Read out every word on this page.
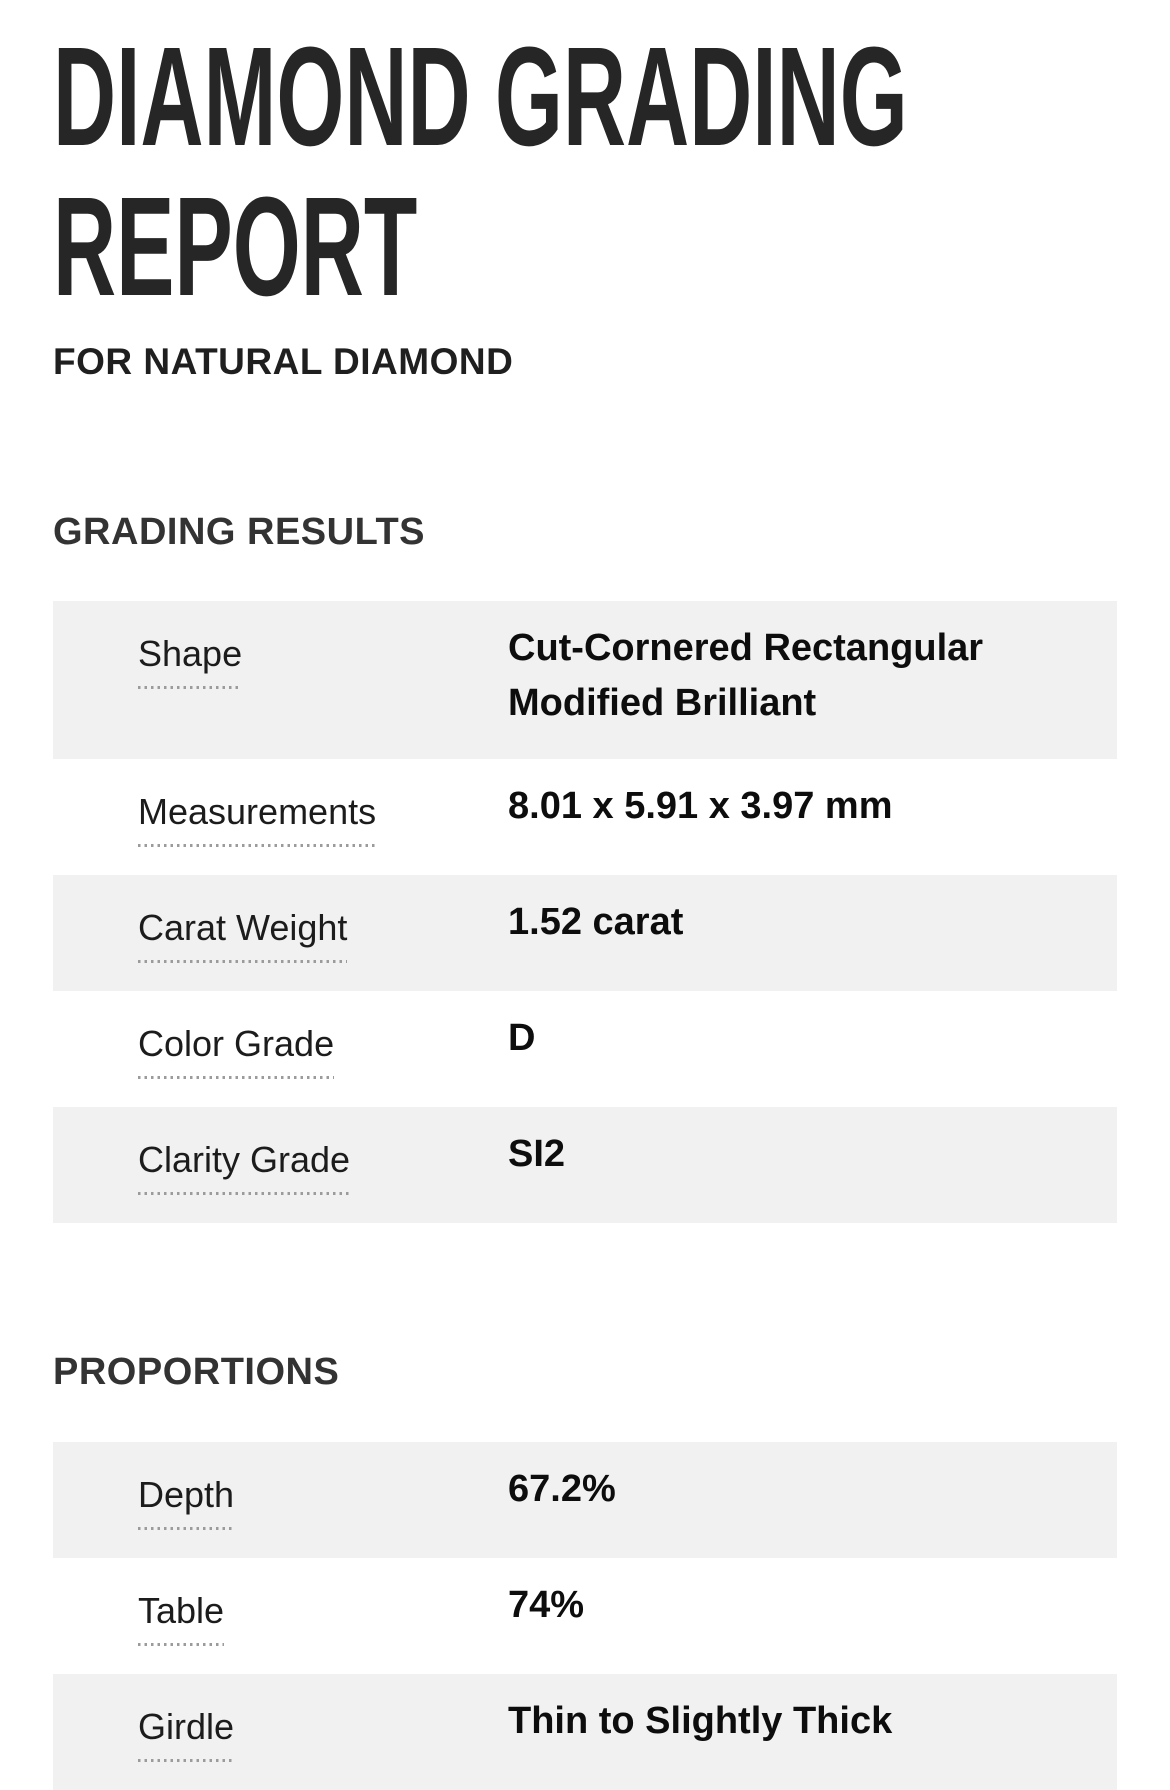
DIAMOND GRADING REPORT
FOR NATURAL DIAMOND
GRADING RESULTS
Shape	Cut-Cornered Rectangular Modified Brilliant
Measurements	8.01 x 5.91 x 3.97 mm
Carat Weight	1.52 carat
Color Grade	D
Clarity Grade	SI2
PROPORTIONS
Depth	67.2%
Table	74%
Girdle	Thin to Slightly Thick
